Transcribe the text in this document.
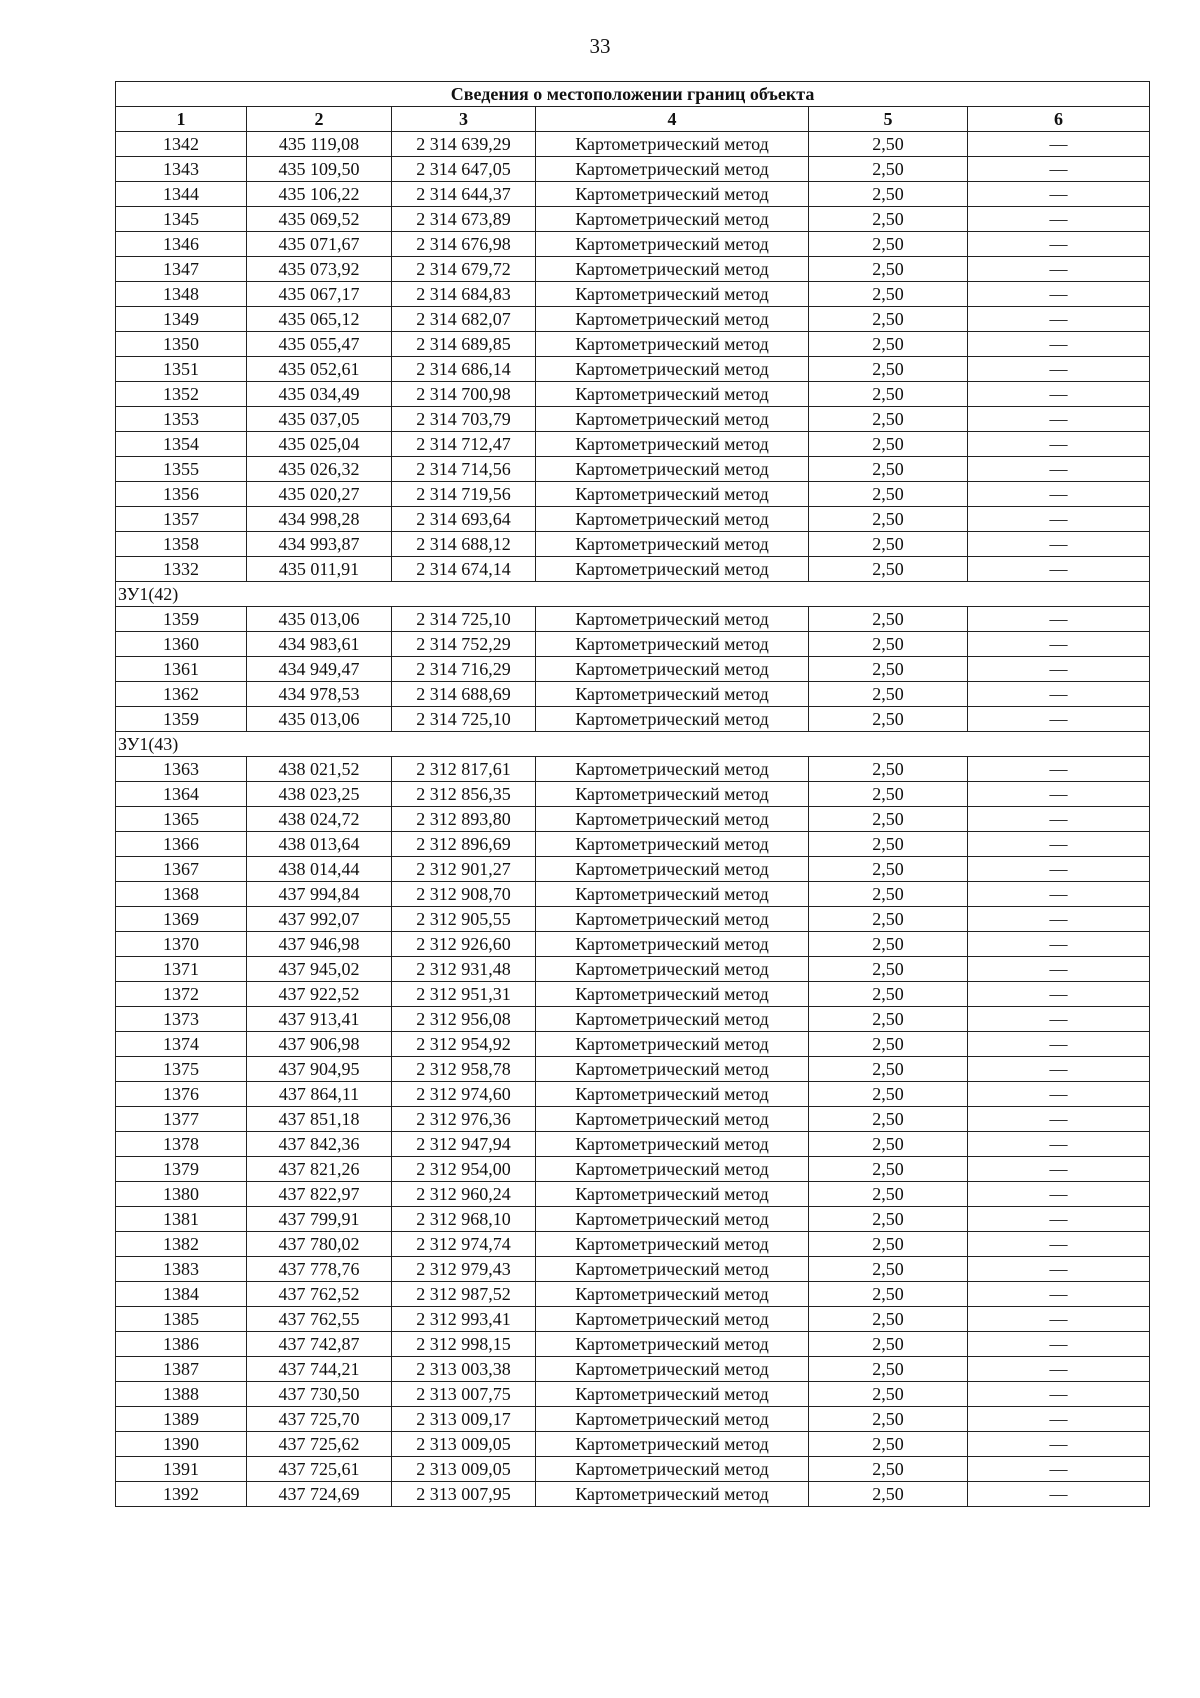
33
Сведения о местоположении границ объекта					
1	2	3	4	5	6
1342	435 119,08	2 314 639,29	Картометрический метод	2,50	—
1343	435 109,50	2 314 647,05	Картометрический метод	2,50	—
1344	435 106,22	2 314 644,37	Картометрический метод	2,50	—
1345	435 069,52	2 314 673,89	Картометрический метод	2,50	—
1346	435 071,67	2 314 676,98	Картометрический метод	2,50	—
1347	435 073,92	2 314 679,72	Картометрический метод	2,50	—
1348	435 067,17	2 314 684,83	Картометрический метод	2,50	—
1349	435 065,12	2 314 682,07	Картометрический метод	2,50	—
1350	435 055,47	2 314 689,85	Картометрический метод	2,50	—
1351	435 052,61	2 314 686,14	Картометрический метод	2,50	—
1352	435 034,49	2 314 700,98	Картометрический метод	2,50	—
1353	435 037,05	2 314 703,79	Картометрический метод	2,50	—
1354	435 025,04	2 314 712,47	Картометрический метод	2,50	—
1355	435 026,32	2 314 714,56	Картометрический метод	2,50	—
1356	435 020,27	2 314 719,56	Картометрический метод	2,50	—
1357	434 998,28	2 314 693,64	Картометрический метод	2,50	—
1358	434 993,87	2 314 688,12	Картометрический метод	2,50	—
1332	435 011,91	2 314 674,14	Картометрический метод	2,50	—
ЗУ1(42)					
1359	435 013,06	2 314 725,10	Картометрический метод	2,50	—
1360	434 983,61	2 314 752,29	Картометрический метод	2,50	—
1361	434 949,47	2 314 716,29	Картометрический метод	2,50	—
1362	434 978,53	2 314 688,69	Картометрический метод	2,50	—
1359	435 013,06	2 314 725,10	Картометрический метод	2,50	—
ЗУ1(43)					
1363	438 021,52	2 312 817,61	Картометрический метод	2,50	—
1364	438 023,25	2 312 856,35	Картометрический метод	2,50	—
1365	438 024,72	2 312 893,80	Картометрический метод	2,50	—
1366	438 013,64	2 312 896,69	Картометрический метод	2,50	—
1367	438 014,44	2 312 901,27	Картометрический метод	2,50	—
1368	437 994,84	2 312 908,70	Картометрический метод	2,50	—
1369	437 992,07	2 312 905,55	Картометрический метод	2,50	—
1370	437 946,98	2 312 926,60	Картометрический метод	2,50	—
1371	437 945,02	2 312 931,48	Картометрический метод	2,50	—
1372	437 922,52	2 312 951,31	Картометрический метод	2,50	—
1373	437 913,41	2 312 956,08	Картометрический метод	2,50	—
1374	437 906,98	2 312 954,92	Картометрический метод	2,50	—
1375	437 904,95	2 312 958,78	Картометрический метод	2,50	—
1376	437 864,11	2 312 974,60	Картометрический метод	2,50	—
1377	437 851,18	2 312 976,36	Картометрический метод	2,50	—
1378	437 842,36	2 312 947,94	Картометрический метод	2,50	—
1379	437 821,26	2 312 954,00	Картометрический метод	2,50	—
1380	437 822,97	2 312 960,24	Картометрический метод	2,50	—
1381	437 799,91	2 312 968,10	Картометрический метод	2,50	—
1382	437 780,02	2 312 974,74	Картометрический метод	2,50	—
1383	437 778,76	2 312 979,43	Картометрический метод	2,50	—
1384	437 762,52	2 312 987,52	Картометрический метод	2,50	—
1385	437 762,55	2 312 993,41	Картометрический метод	2,50	—
1386	437 742,87	2 312 998,15	Картометрический метод	2,50	—
1387	437 744,21	2 313 003,38	Картометрический метод	2,50	—
1388	437 730,50	2 313 007,75	Картометрический метод	2,50	—
1389	437 725,70	2 313 009,17	Картометрический метод	2,50	—
1390	437 725,62	2 313 009,05	Картометрический метод	2,50	—
1391	437 725,61	2 313 009,05	Картометрический метод	2,50	—
1392	437 724,69	2 313 007,95	Картометрический метод	2,50	—
